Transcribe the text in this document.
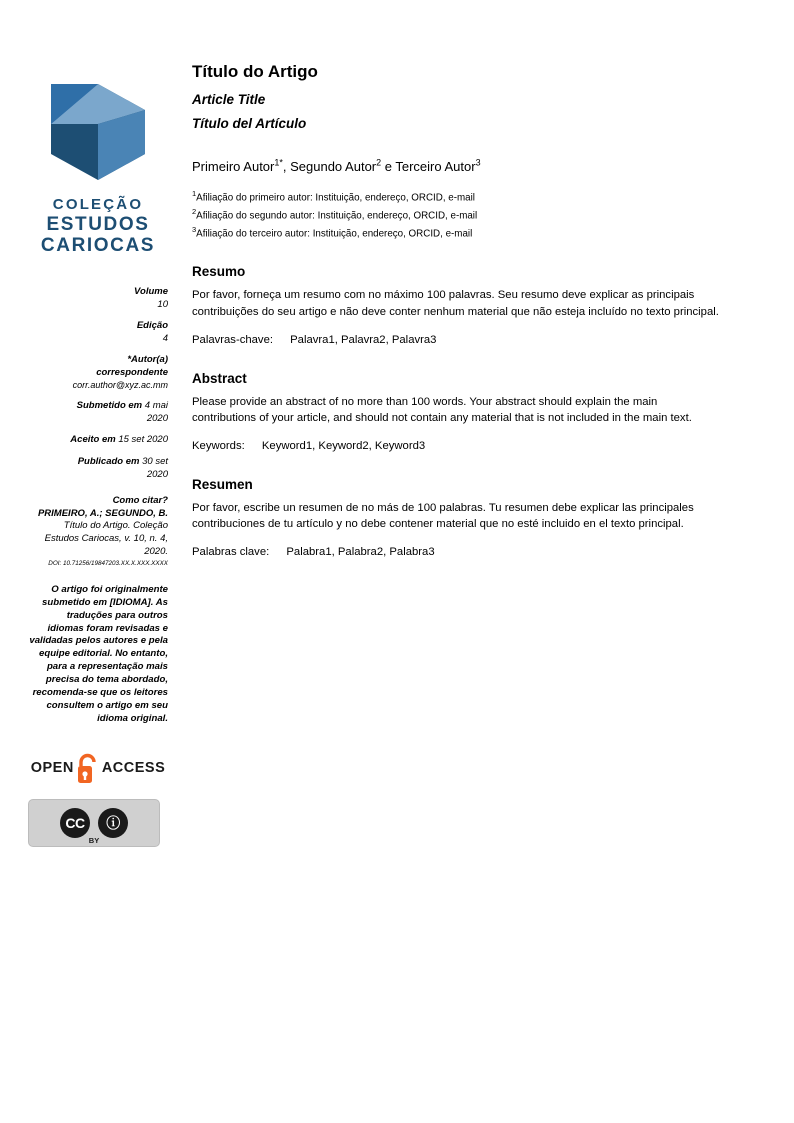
COLEÇÃO
ESTUDOS
CARIOCAS
Volume
10
Edição
4
*Autor(a)
correspondente
corr.author@xyz.ac.mm
Submetido em 4 mai
2020
Aceito em 15 set 2020
Publicado em 30 set
2020
Como citar?
PRIMEIRO, A.; SEGUNDO, B. Título do Artigo. Coleção Estudos Cariocas, v. 10, n. 4, 2020.
DOI: 10.71256/19847203.XX.X.XXX.XXXX
O artigo foi originalmente submetido em [IDIOMA]. As traduções para outros idiomas foram revisadas e validadas pelos autores e pela equipe editorial. No entanto, para a representação mais precisa do tema abordado, recomenda-se que os leitores consultem o artigo em seu idioma original.
OPEN ACCESS
CC	ⓘ
BY
Título do Artigo
Article Title
Título del Artículo
Primeiro Autor$^{1*}$, Segundo Autor$^2$ e Terceiro Autor$^3$
$^1$Afiliação do primeiro autor: Instituição, endereço, ORCID, e-mail
$^2$Afiliação do segundo autor: Instituição, endereço, ORCID, e-mail
$^3$Afiliação do terceiro autor: Instituição, endereço, ORCID, e-mail
Resumo

Por favor, forneça um resumo com no máximo 100 palavras. Seu resumo deve explicar as principais contribuições do seu artigo e não deve conter nenhum material que não esteja incluído no texto principal.

Palavras-chave: Palavra1, Palavra2, Palavra3

Abstract

Please provide an abstract of no more than 100 words. Your abstract should explain the main contributions of your article, and should not contain any material that is not included in the main text.

Keywords: Keyword1, Keyword2, Keyword3

Resumen

Por favor, escribe un resumen de no más de 100 palabras. Tu resumen debe explicar las principales contribuciones de tu artículo y no debe contener material que no esté incluido en el texto principal.

Palabras clave: Palabra1, Palabra2, Palabra3
